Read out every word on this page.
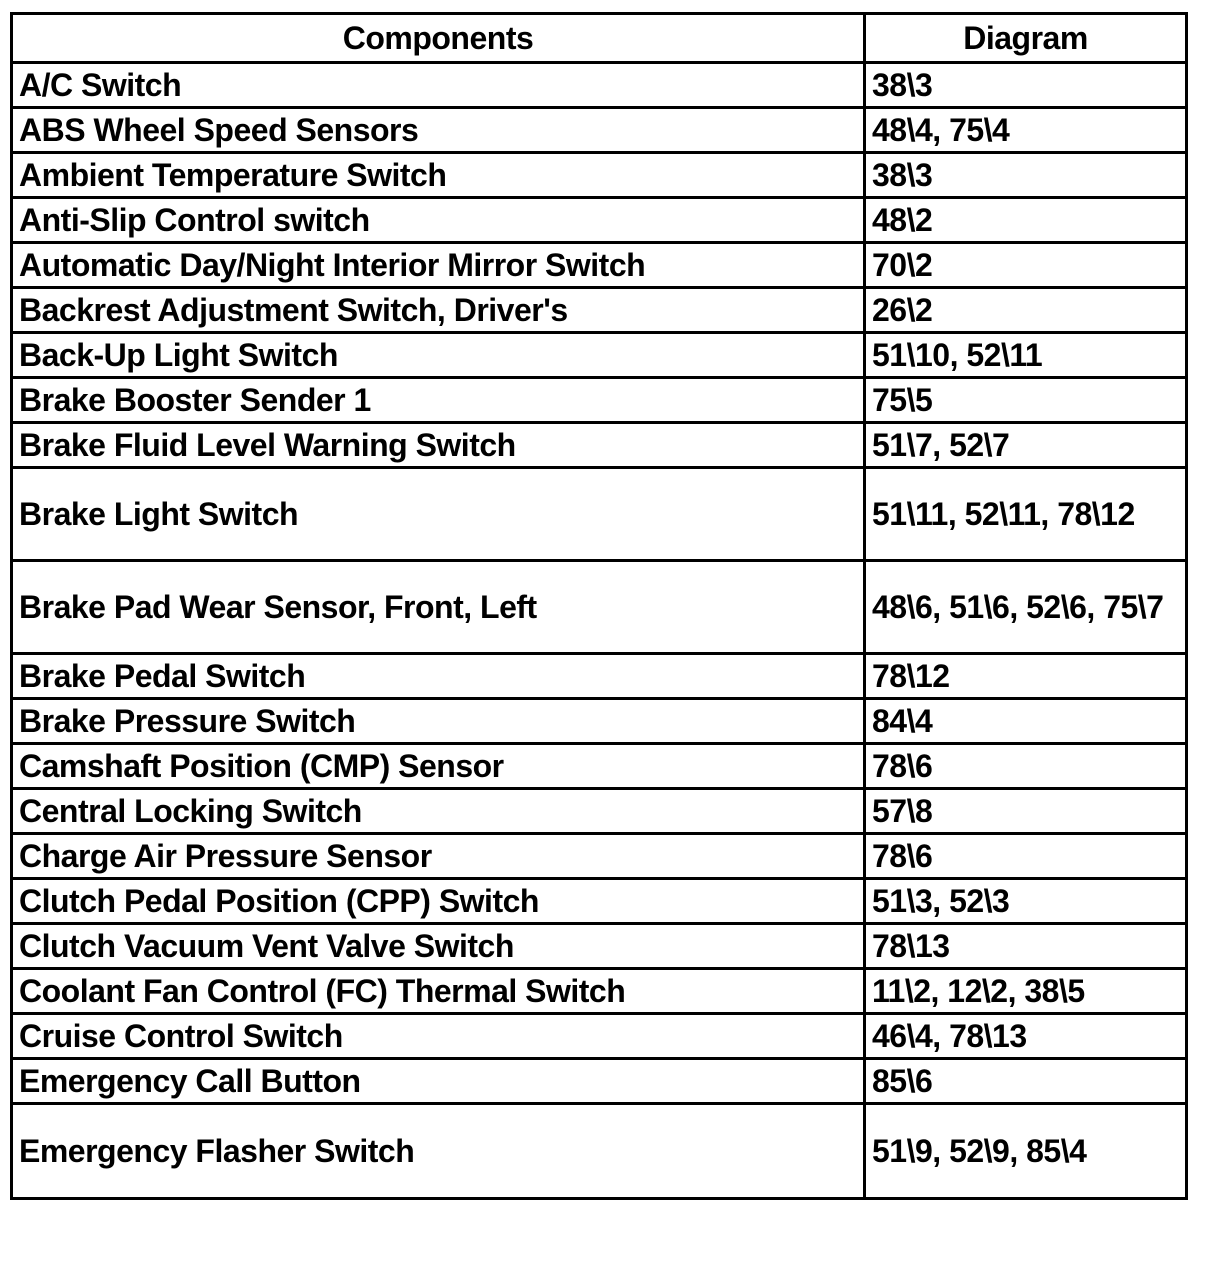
Components	Diagram
A/C Switch	38\3
ABS Wheel Speed Sensors	48\4, 75\4
Ambient Temperature Switch	38\3
Anti-Slip Control switch	48\2
Automatic Day/Night Interior Mirror Switch	70\2
Backrest Adjustment Switch, Driver's	26\2
Back-Up Light Switch	51\10, 52\11
Brake Booster Sender 1	75\5
Brake Fluid Level Warning Switch	51\7, 52\7
Brake Light Switch	51\11, 52\11, 78\12
Brake Pad Wear Sensor, Front, Left	48\6, 51\6, 52\6, 75\7
Brake Pedal Switch	78\12
Brake Pressure Switch	84\4
Camshaft Position (CMP) Sensor	78\6
Central Locking Switch	57\8
Charge Air Pressure Sensor	78\6
Clutch Pedal Position (CPP) Switch	51\3, 52\3
Clutch Vacuum Vent Valve Switch	78\13
Coolant Fan Control (FC) Thermal Switch	11\2, 12\2, 38\5
Cruise Control Switch	46\4, 78\13
Emergency Call Button	85\6
Emergency Flasher Switch	51\9, 52\9, 85\4
